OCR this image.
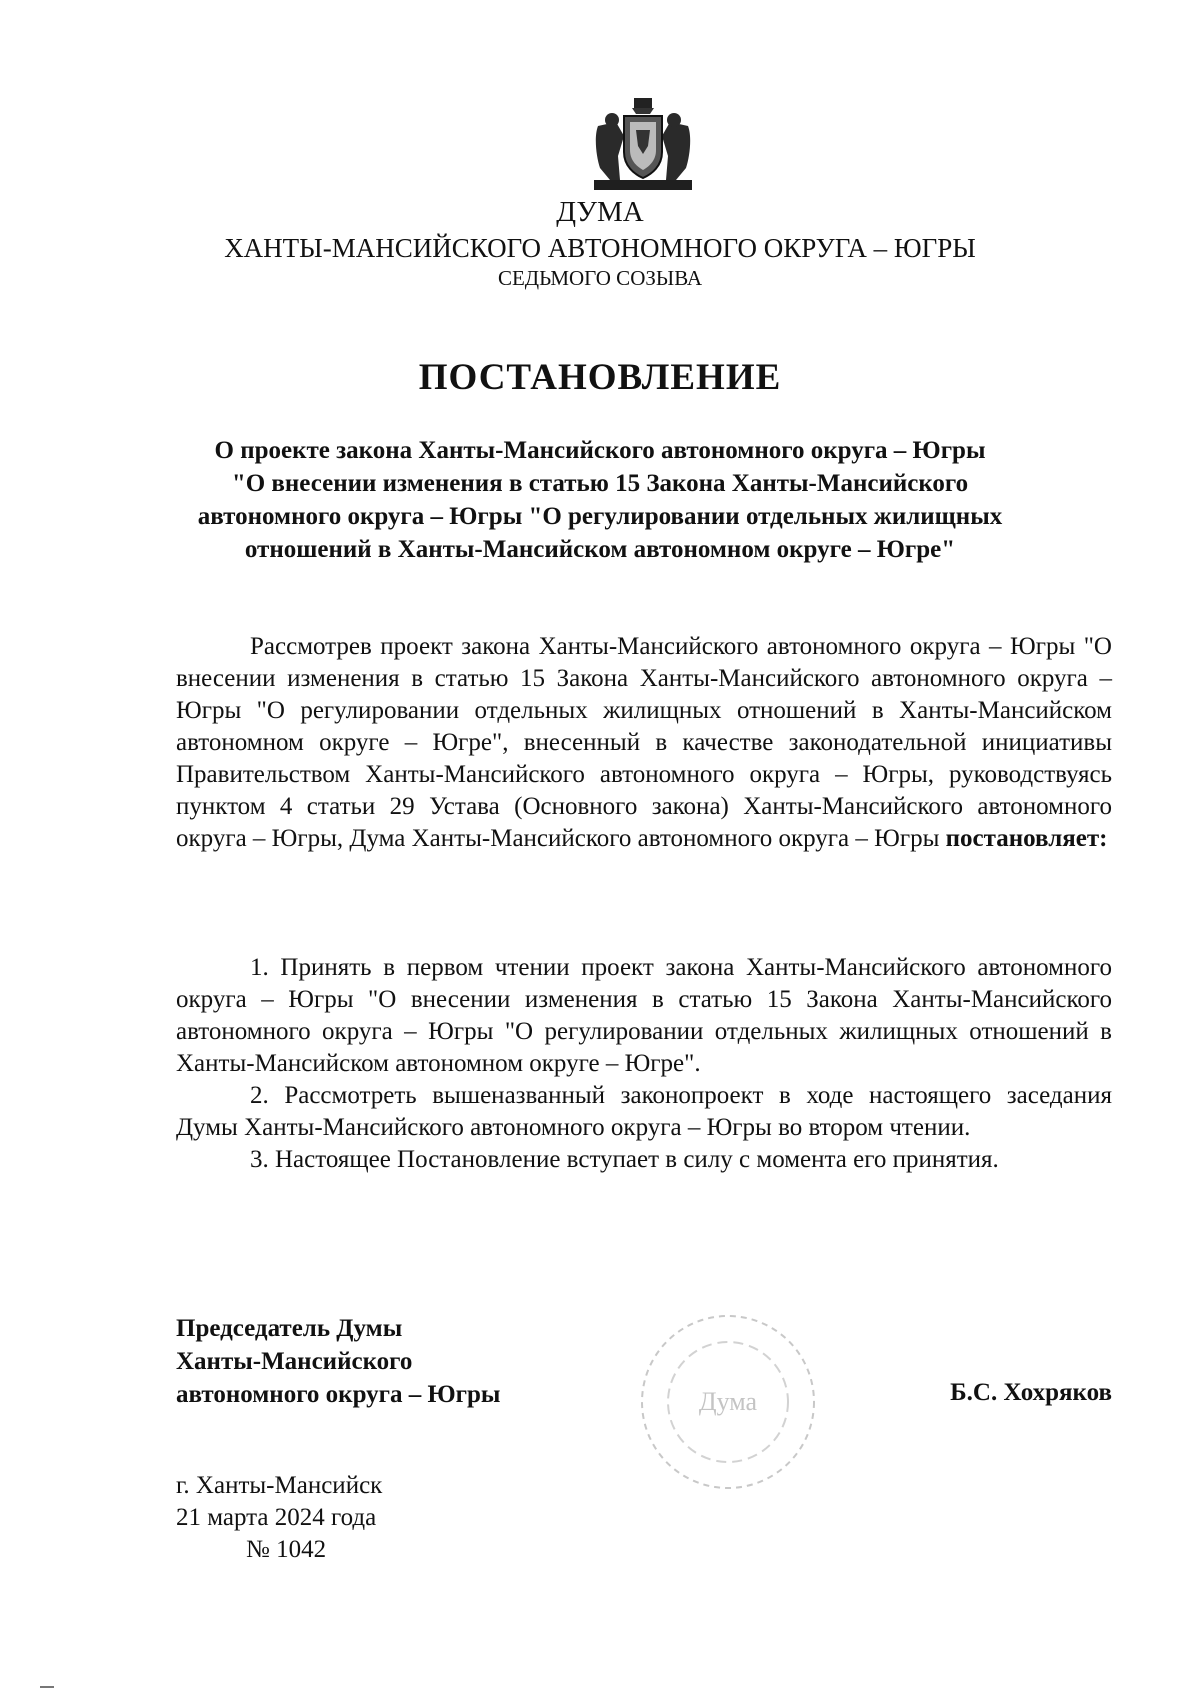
ДУМА
ХАНТЫ-МАНСИЙСКОГО АВТОНОМНОГО ОКРУГА – ЮГРЫ
СЕДЬМОГО СОЗЫВА
ПОСТАНОВЛЕНИЕ
О проекте закона Ханты-Мансийского автономного округа – Югры
"О внесении изменения в статью 15 Закона Ханты-Мансийского
автономного округа – Югры "О регулировании отдельных жилищных
отношений в Ханты-Мансийском автономном округе – Югре"
Рассмотрев проект закона Ханты-Мансийского автономного округа – Югры "О внесении изменения в статью 15 Закона Ханты-Мансийского автономного округа – Югры "О регулировании отдельных жилищных отношений в Ханты-Мансийском автономном округе – Югре", внесенный в качестве законодательной инициативы Правительством Ханты-Мансийского автономного округа – Югры, руководствуясь пунктом 4 статьи 29 Устава (Основного закона) Ханты-Мансийского автономного округа – Югры, Дума Ханты-Мансийского автономного округа – Югры постановляет:

1. Принять в первом чтении проект закона Ханты-Мансийского автономного округа – Югры "О внесении изменения в статью 15 Закона Ханты-Мансийского автономного округа – Югры "О регулировании отдельных жилищных отношений в Ханты-Мансийском автономном округе – Югре".

2. Рассмотреть вышеназванный законопроект в ходе настоящего заседания Думы Ханты-Мансийского автономного округа – Югры во втором чтении.

3. Настоящее Постановление вступает в силу с момента его принятия.

Председатель Думы
Ханты-Мансийского
автономного округа – Югры	Дума	Б.С. Хохряков
г. Ханты-Мансийск
21 марта 2024 года
№ 1042
